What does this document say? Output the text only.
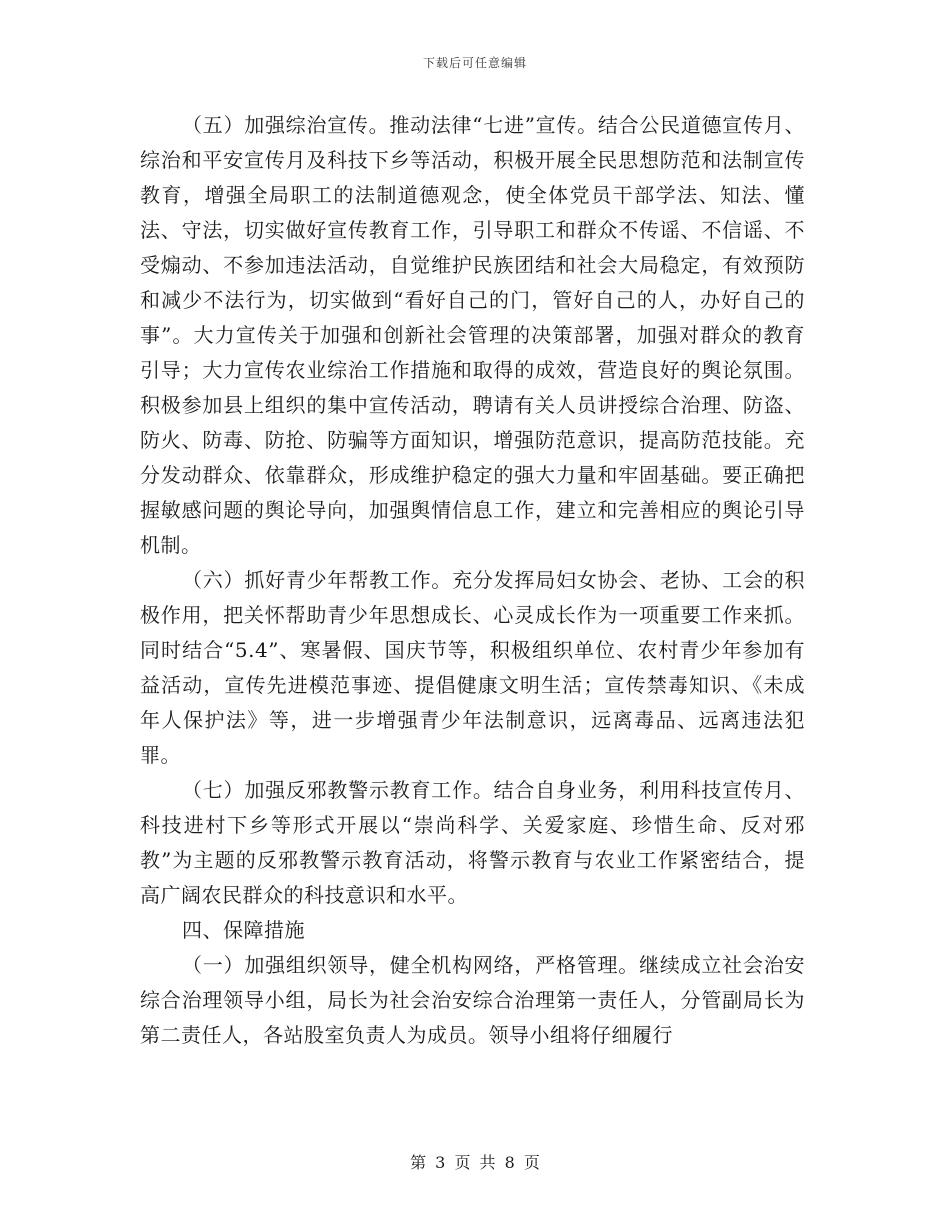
下载后可任意编辑

（五）加强综治宣传。推动法律“七进”宣传。结合公民道德宣传月、综治和平安宣传月及科技下乡等活动，积极开展全民思想防范和法制宣传教育，增强全局职工的法制道德观念，使全体党员干部学法、知法、懂法、守法，切实做好宣传教育工作，引导职工和群众不传谣、不信谣、不受煽动、不参加违法活动，自觉维护民族团结和社会大局稳定，有效预防和减少不法行为，切实做到“看好自己的门，管好自己的人，办好自己的事”。大力宣传关于加强和创新社会管理的决策部署，加强对群众的教育引导；大力宣传农业综治工作措施和取得的成效，营造良好的舆论氛围。积极参加县上组织的集中宣传活动，聘请有关人员讲授综合治理、防盗、防火、防毒、防抢、防骗等方面知识，增强防范意识，提高防范技能。充分发动群众、依靠群众，形成维护稳定的强大力量和牢固基础。要正确把握敏感问题的舆论导向，加强舆情信息工作，建立和完善相应的舆论引导机制。

（六）抓好青少年帮教工作。充分发挥局妇女协会、老协、工会的积极作用，把关怀帮助青少年思想成长、心灵成长作为一项重要工作来抓。同时结合“5.4”、寒暑假、国庆节等，积极组织单位、农村青少年参加有益活动，宣传先进模范事迹、提倡健康文明生活；宣传禁毒知识、《未成年人保护法》等，进一步增强青少年法制意识，远离毒品、远离违法犯罪。

（七）加强反邪教警示教育工作。结合自身业务，利用科技宣传月、科技进村下乡等形式开展以“崇尚科学、关爱家庭、珍惜生命、反对邪教”为主题的反邪教警示教育活动，将警示教育与农业工作紧密结合，提高广阔农民群众的科技意识和水平。

四、保障措施

（一）加强组织领导，健全机构网络，严格管理。继续成立社会治安综合治理领导小组，局长为社会治安综合治理第一责任人，分管副局长为第二责任人，各站股室负责人为成员。领导小组将仔细履行

第 3 页 共 8 页
